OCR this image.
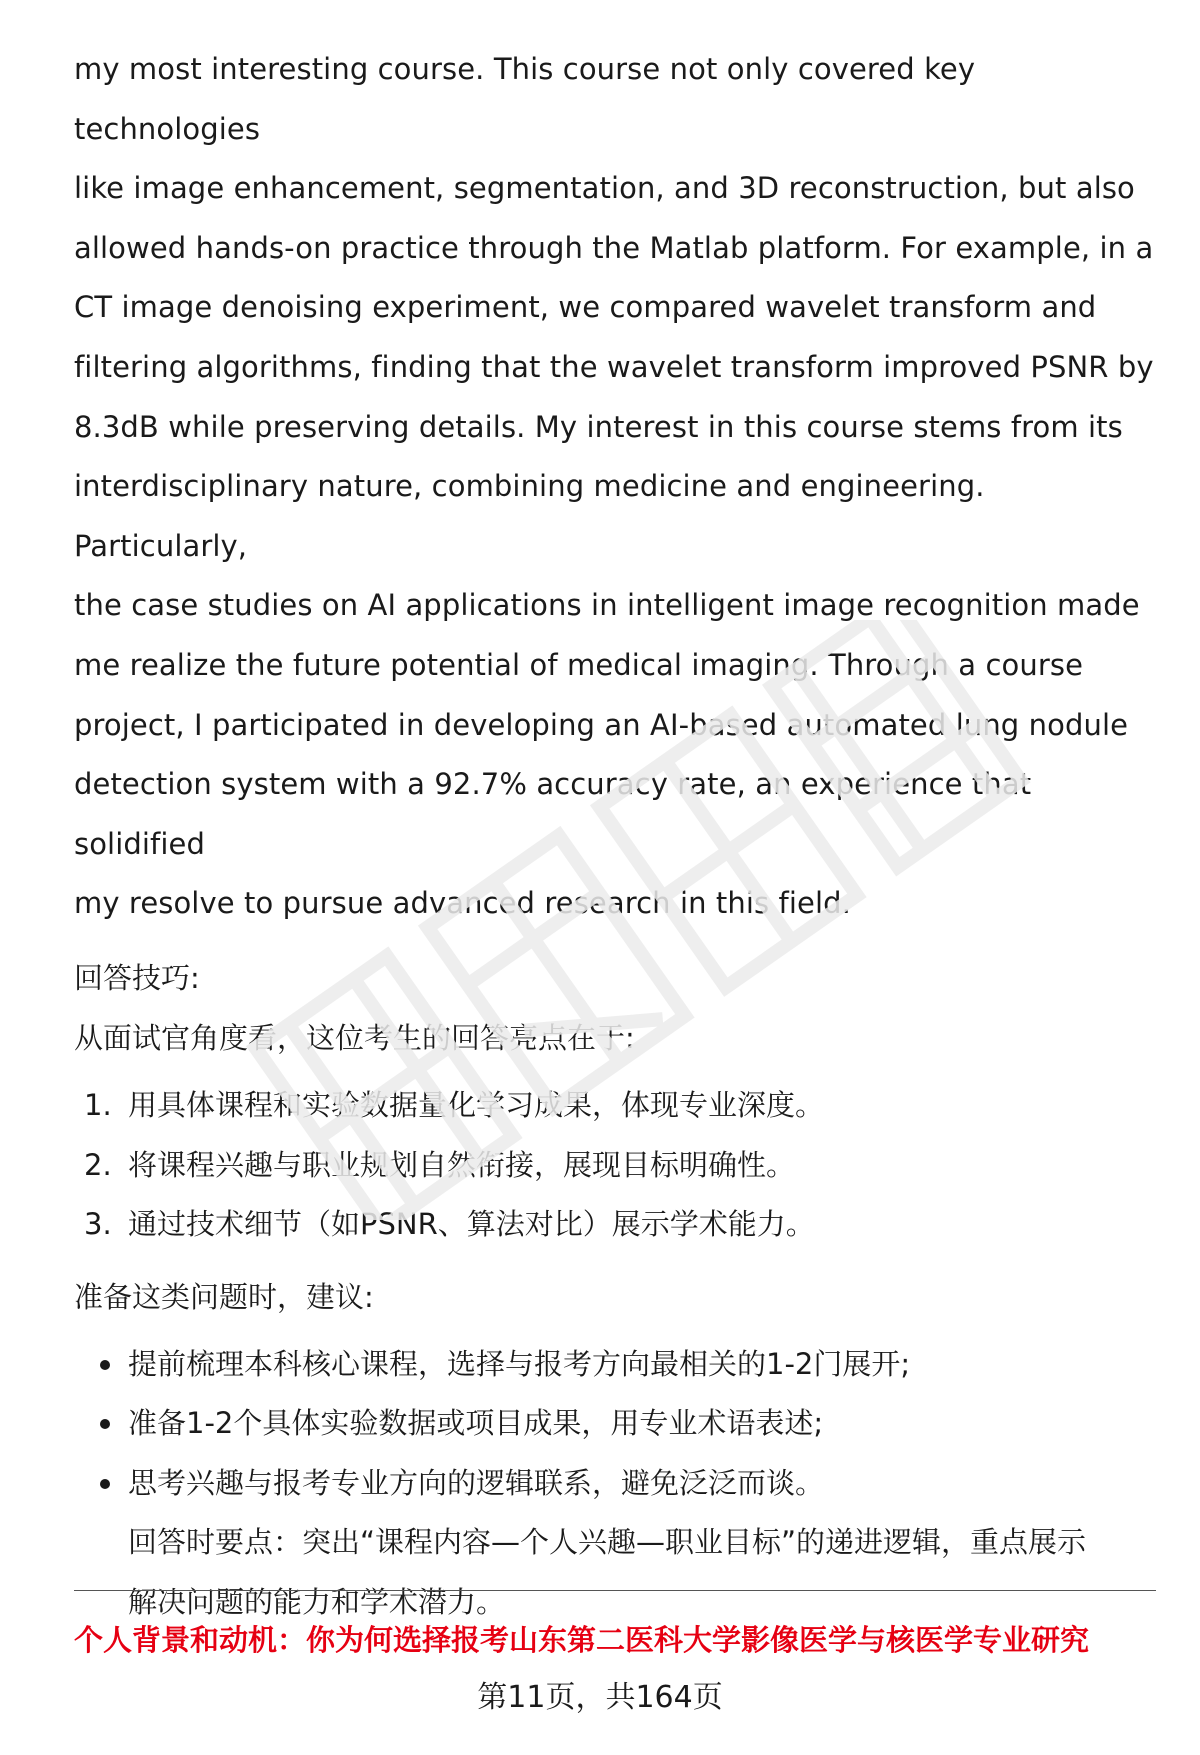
my most interesting course. This course not only covered key technologies

like image enhancement, segmentation, and 3D reconstruction, but also

allowed hands-on practice through the Matlab platform. For example, in a

CT image denoising experiment, we compared wavelet transform and

filtering algorithms, finding that the wavelet transform improved PSNR by

8.3dB while preserving details. My interest in this course stems from its

interdisciplinary nature, combining medicine and engineering. Particularly,

the case studies on AI applications in intelligent image recognition made

me realize the future potential of medical imaging. Through a course

project, I participated in developing an AI-based automated lung nodule

detection system with a 92.7% accuracy rate, an experience that solidified

my resolve to pursue advanced research in this field.

回答技巧:

从面试官角度看，这位考生的回答亮点在于:

1. 用具体课程和实验数据量化学习成果，体现专业深度。
2. 将课程兴趣与职业规划自然衔接，展现目标明确性。
3. 通过技术细节（如PSNR、算法对比）展示学术能力。

准备这类问题时，建议:

提前梳理本科核心课程，选择与报考方向最相关的1-2门展开;
准备1-2个具体实验数据或项目成果，用专业术语表述;
思考兴趣与报考专业方向的逻辑联系，避免泛泛而谈。
回答时要点：突出“课程内容—个人兴趣—职业目标”的递进逻辑，重点展示
解决问题的能力和学术潜力。
个人背景和动机：你为何选择报考山东第二医科大学影像医学与核医学专业研究
第11页，共164页
